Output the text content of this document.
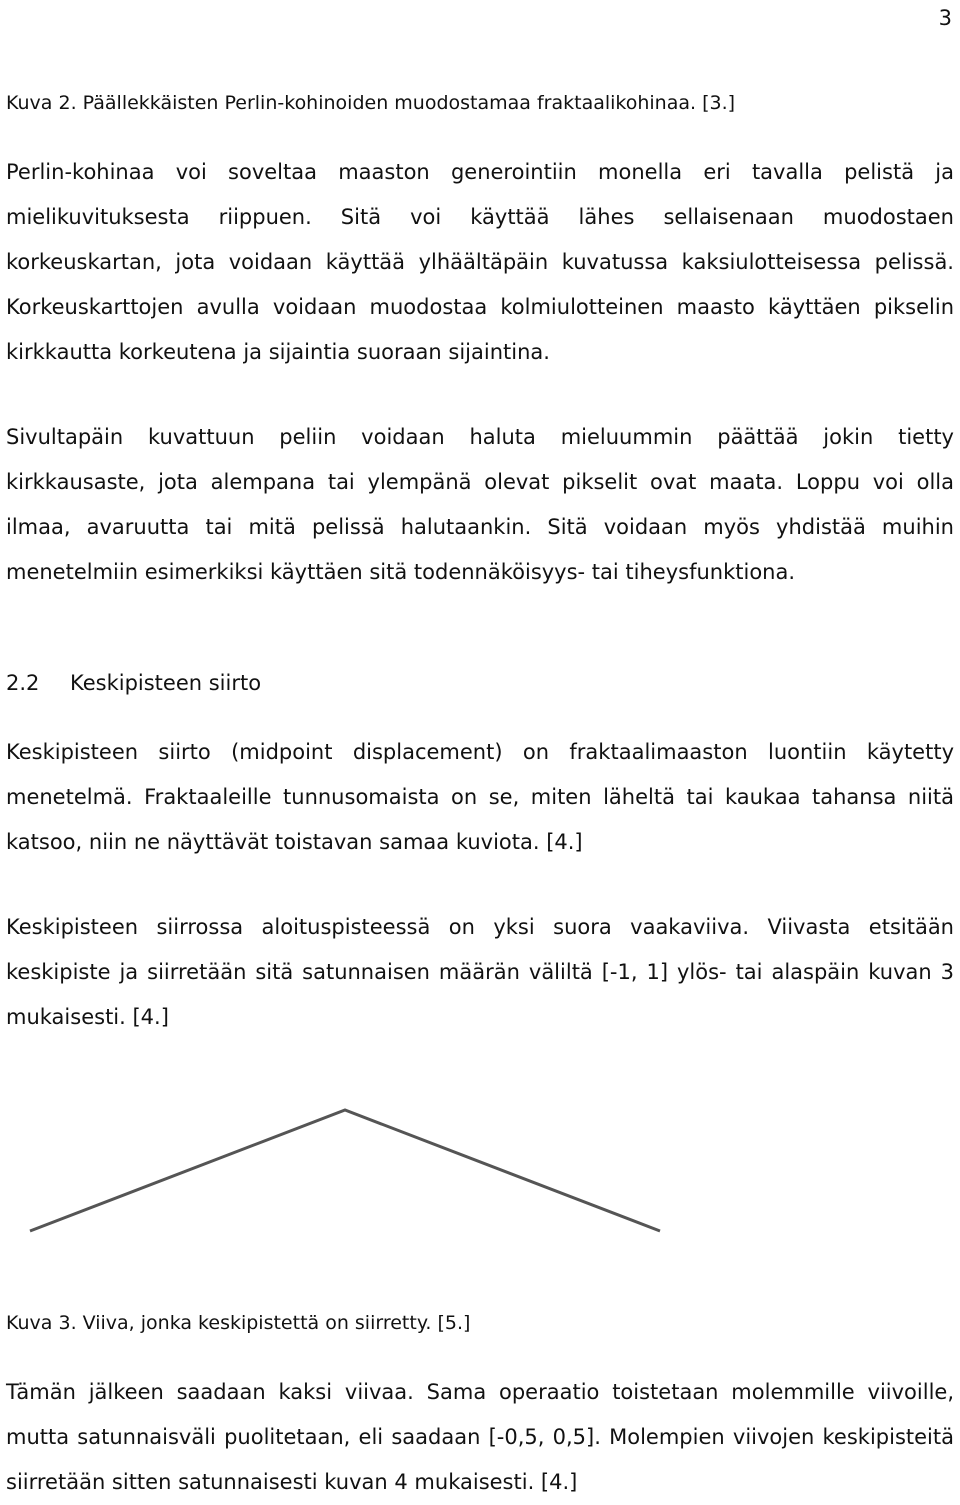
3
Kuva 2. Päällekkäisten Perlin-kohinoiden muodostamaa fraktaalikohinaa. [3.]

Perlin-kohinaa voi soveltaa maaston generointiin monella eri tavalla pelistä ja mielikuvituksesta riippuen. Sitä voi käyttää lähes sellaisenaan muodostaen korkeuskartan, jota voidaan käyttää ylhäältäpäin kuvatussa kaksiulotteisessa pelissä. Korkeuskarttojen avulla voidaan muodostaa kolmiulotteinen maasto käyttäen pikselin kirkkautta korkeutena ja sijaintia suoraan sijaintina.

Sivultapäin kuvattuun peliin voidaan haluta mieluummin päättää jokin tietty kirkkausaste, jota alempana tai ylempänä olevat pikselit ovat maata. Loppu voi olla ilmaa, avaruutta tai mitä pelissä halutaankin. Sitä voidaan myös yhdistää muihin menetelmiin esimerkiksi käyttäen sitä todennäköisyys- tai tiheysfunktiona.

2.2 Keskipisteen siirto

Keskipisteen siirto (midpoint displacement) on fraktaalimaaston luontiin käytetty menetelmä. Fraktaaleille tunnusomaista on se, miten läheltä tai kaukaa tahansa niitä katsoo, niin ne näyttävät toistavan samaa kuviota. [4.]

Keskipisteen siirrossa aloituspisteessä on yksi suora vaakaviiva. Viivasta etsitään keskipiste ja siirretään sitä satunnaisen määrän väliltä [-1, 1] ylös- tai alaspäin kuvan 3 mukaisesti. [4.]

Kuva 3. Viiva, jonka keskipistettä on siirretty. [5.]

Tämän jälkeen saadaan kaksi viivaa. Sama operaatio toistetaan molemmille viivoille, mutta satunnaisväli puolitetaan, eli saadaan [-0,5, 0,5]. Molempien viivojen keskipisteitä siirretään sitten satunnaisesti kuvan 4 mukaisesti. [4.]
